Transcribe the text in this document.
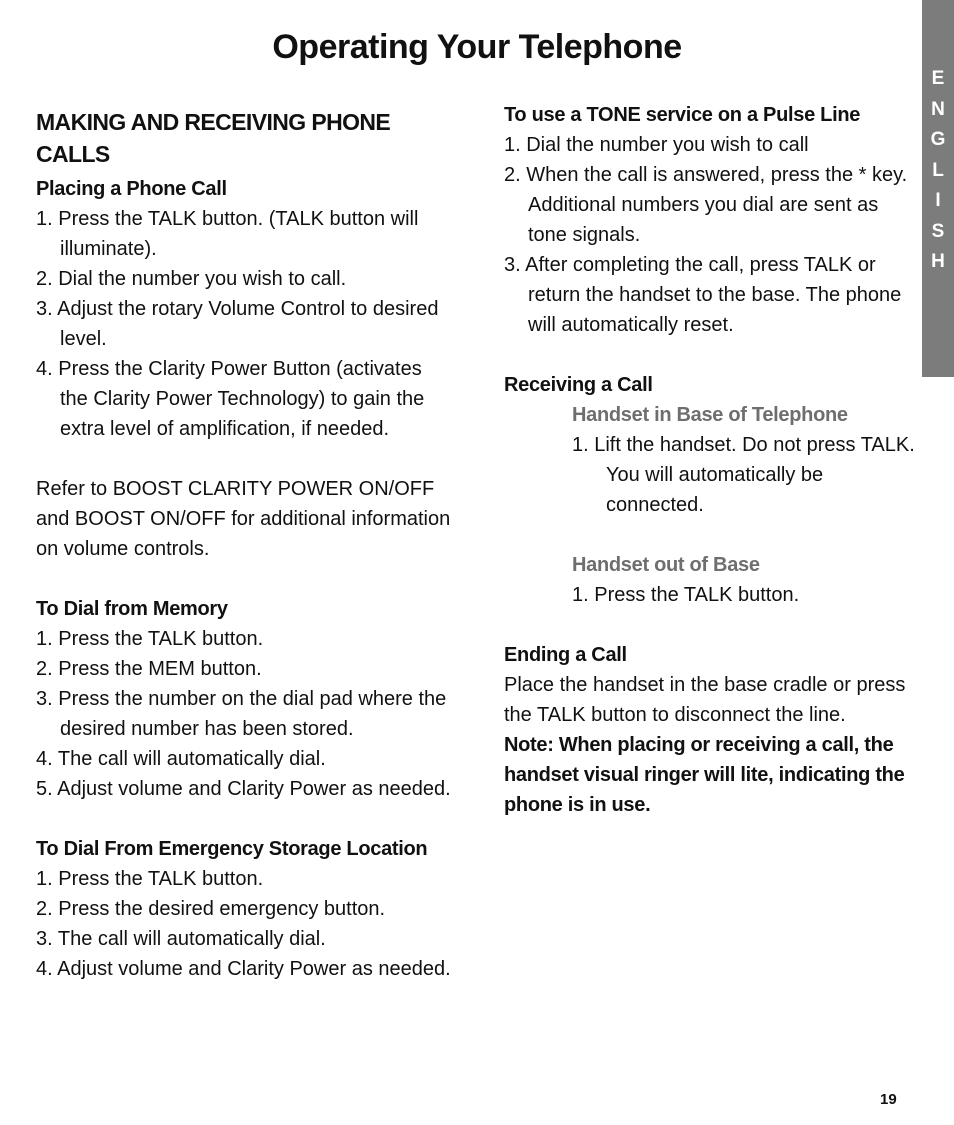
Operating Your Telephone
E
N
G
L
I
S
H
MAKING AND RECEIVING PHONE CALLS
Placing a Phone Call
1. Press the TALK button. (TALK button will illuminate).
2. Dial the number you wish to call.
3. Adjust the rotary Volume Control to desired level.
4. Press the Clarity Power Button (activates the Clarity Power Technology) to gain the extra level of amplification, if needed.

Refer to BOOST CLARITY POWER ON/OFF and BOOST ON/OFF for additional information on volume controls.

To Dial from Memory
1. Press the TALK button.
2. Press the MEM button.
3. Press the number on the dial pad where the desired number has been stored.
4. The call will automatically dial.
5. Adjust volume and Clarity Power as needed.
To Dial From Emergency Storage Location
1. Press the TALK button.
2. Press the desired emergency button.
3. The call will automatically dial.
4. Adjust volume and Clarity Power as needed.
To use a TONE service on a Pulse Line
1. Dial the number you wish to call
2. When the call is answered, press the * key. Additional numbers you dial are sent as tone signals.
3. After completing the call, press TALK or return the handset to the base. The phone will automatically reset.
Receiving a Call
Handset in Base of Telephone
1. Lift the handset. Do not press TALK. You will automatically be connected.
Handset out of Base
1. Press the TALK button.
Ending a Call

Place the handset in the base cradle or press the TALK button to disconnect the line.

Note: When placing or receiving a call, the handset visual ringer will lite, indicating the phone is in use.

19
